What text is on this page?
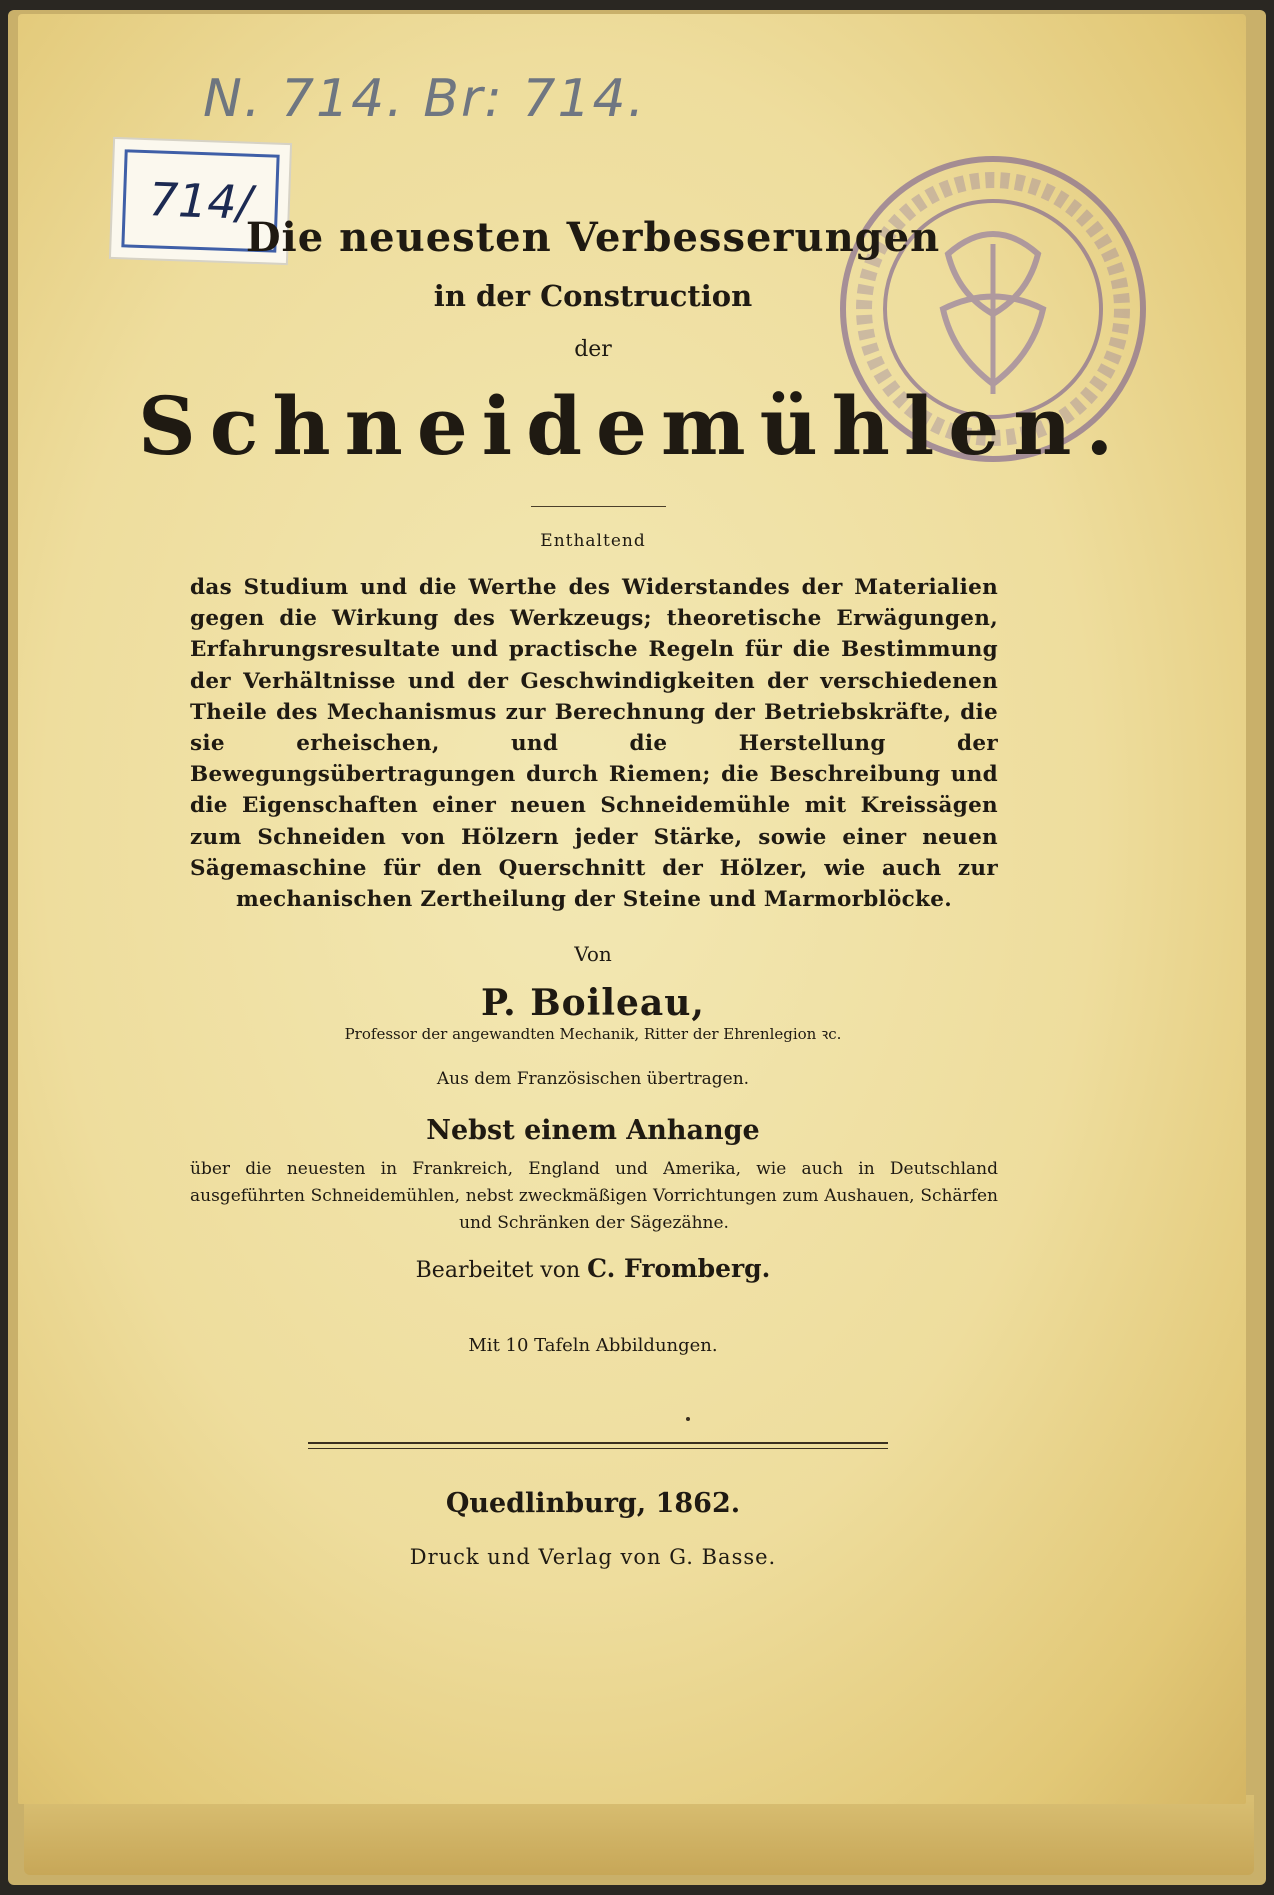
N. 714. Br: 714.
714/
Die neuesten Verbesserungen
in der Construction
der
Schneidemühlen.
Enthaltend

das Studium und die Werthe des Widerstandes der Materialien gegen die Wirkung des Werkzeugs; theoretische Erwägungen, Erfahrungsresultate und practische Regeln für die Bestimmung der Verhältnisse und der Geschwindigkeiten der verschiedenen Theile des Mechanismus zur Berechnung der Betriebskräfte, die sie erheischen, und die Herstellung der Bewegungsübertragungen durch Riemen; die Beschreibung und die Eigenschaften einer neuen Schneidemühle mit Kreissägen zum Schneiden von Hölzern jeder Stärke, sowie einer neuen Sägemaschine für den Querschnitt der Hölzer, wie auch zur mechanischen Zertheilung der Steine und Marmorblöcke.

Von
P. Boileau,
Professor der angewandten Mechanik, Ritter der Ehrenlegion ꝛc.
Aus dem Französischen übertragen.
Nebst einem Anhange

über die neuesten in Frankreich, England und Amerika, wie auch in Deutschland ausgeführten Schneidemühlen, nebst zweckmäßigen Vorrichtungen zum Aushauen, Schärfen und Schränken der Sägezähne.

Bearbeitet von C. Fromberg.
Mit 10 Tafeln Abbildungen.
Quedlinburg, 1862.
Druck und Verlag von G. Basse.
